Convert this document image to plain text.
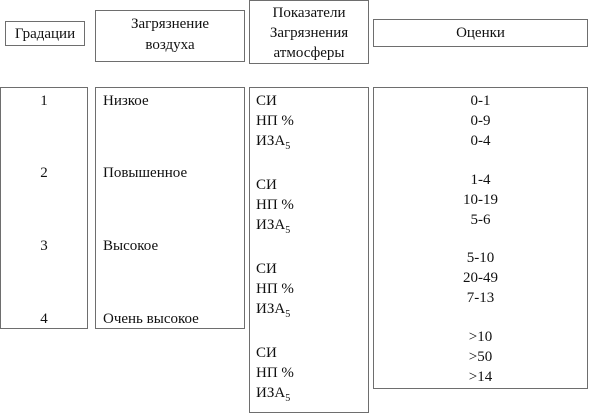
Градации
Загрязнение
воздуха
Показатели
Загрязнения
атмосферы
Оценки
1
2
3
4
Низкое
Повышенное
Высокое
Очень высокое
СИ
НП %
$ИЗА_5$
СИ
НП %
$ИЗА_5$
СИ
НП %
$ИЗА_5$
СИ
НП %
$ИЗА_5$
0-1
0-9
0-4
1-4
10-19
5-6
5-10
20-49
7-13
>10
>50
>14
